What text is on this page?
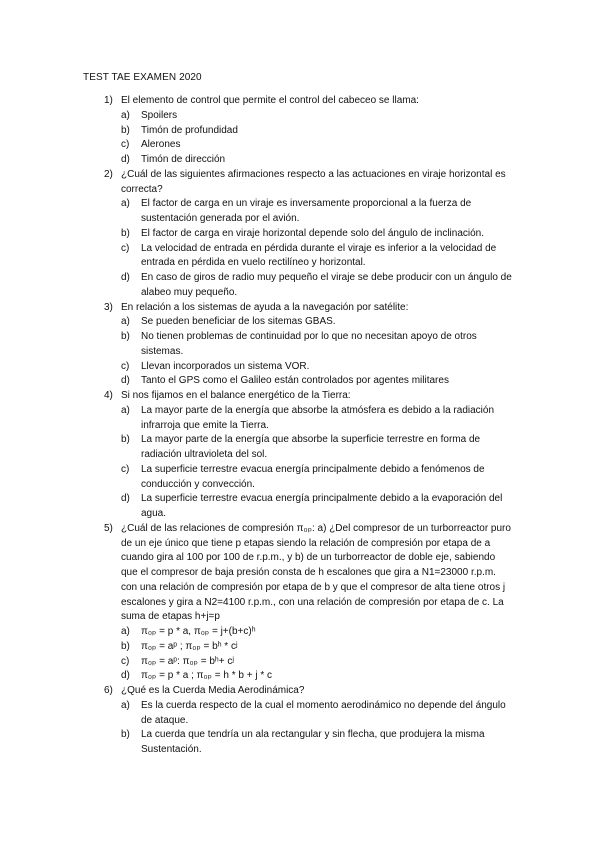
TEST TAE EXAMEN 2020
1) El elemento de control que permite el control del cabeceo se llama:
a) Spoilers
b) Timón de profundidad
c) Alerones
d) Timón de dirección
2) ¿Cuál de las siguientes afirmaciones respecto a las actuaciones en viraje horizontal es
correcta?
a) El factor de carga en un viraje es inversamente proporcional a la fuerza de
sustentación generada por el avión.
b) El factor de carga en viraje horizontal depende solo del ángulo de inclinación.
c) La velocidad de entrada en pérdida durante el viraje es inferior a la velocidad de
entrada en pérdida en vuelo rectilíneo y horizontal.
d) En caso de giros de radio muy pequeño el viraje se debe producir con un ángulo de
alabeo muy pequeño.
3) En relación a los sistemas de ayuda a la navegación por satélite:
a) Se pueden beneficiar de los sitemas GBAS.
b) No tienen problemas de continuidad por lo que no necesitan apoyo de otros
sistemas.
c) Llevan incorporados un sistema VOR.
d) Tanto el GPS como el Galileo están controlados por agentes militares
4) Si nos fijamos en el balance energético de la Tierra:
a) La mayor parte de la energía que absorbe la atmósfera es debido a la radiación
infrarroja que emite la Tierra.
b) La mayor parte de la energía que absorbe la superficie terrestre en forma de
radiación ultravioleta del sol.
c) La superficie terrestre evacua energía principalmente debido a fenómenos de
conducción y convección.
d) La superficie terrestre evacua energía principalmente debido a la evaporación del
agua.
5) ¿Cuál de las relaciones de compresión π₀ₚ: a) ¿Del compresor de un turborreactor puro
de un eje único que tiene p etapas siendo la relación de compresión por etapa de a
cuando gira al 100 por 100 de r.p.m., y b) de un turborreactor de doble eje, sabiendo
que el compresor de baja presión consta de h escalones que gira a N1=23000 r.p.m.
con una relación de compresión por etapa de b y que el compresor de alta tiene otros j
escalones y gira a N2=4100 r.p.m., con una relación de compresión por etapa de c. La
suma de etapas h+j=p
a) π₀ₚ = p * a, π₀ₚ = j+(b+c)ʰ
b) π₀ₚ = aᵖ ; π₀ₚ = bʰ * cʲ
c) π₀ₚ = aᵖ: π₀ₚ = bʰ+ cʲ
d) π₀ₚ = p * a ; π₀ₚ = h * b + j * c
6) ¿Qué es la Cuerda Media Aerodinámica?
a) Es la cuerda respecto de la cual el momento aerodinámico no depende del ángulo
de ataque.
b) La cuerda que tendría un ala rectangular y sin flecha, que produjera la misma
Sustentación.
